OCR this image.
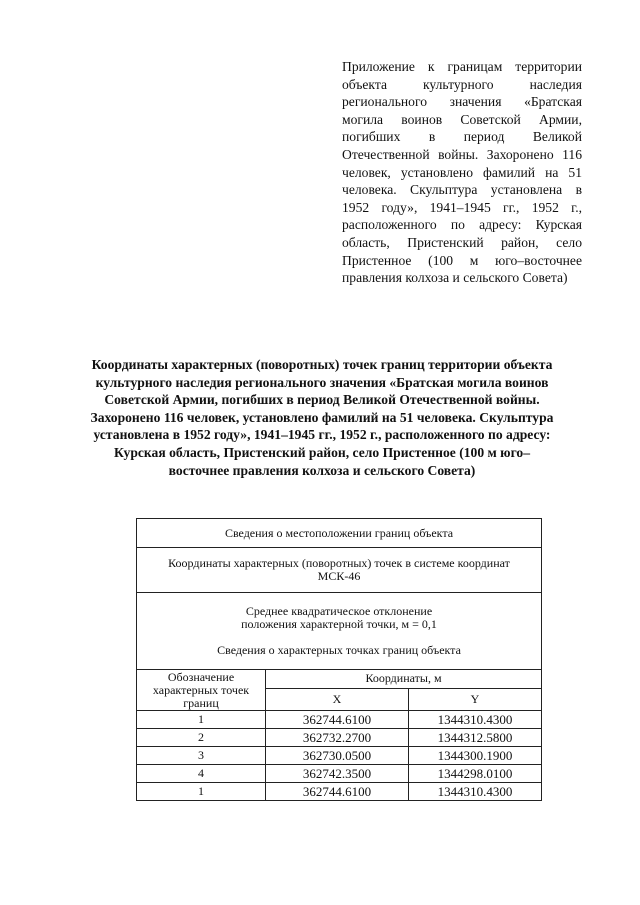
Приложение к границам территории объекта культурного наследия регионального значения «Братская могила воинов Советской Армии, погибших в период Великой Отечественной войны. Захоронено 116 человек, установлено фамилий на 51 человека. Скульптура установлена в 1952 году», 1941–1945 гг., 1952 г., расположенного по адресу: Курская область, Пристенский район, село Пристенное (100 м юго–восточнее правления колхоза и сельского Совета)
Координаты характерных (поворотных) точек границ территории объекта культурного наследия регионального значения «Братская могила воинов Советской Армии, погибших в период Великой Отечественной войны. Захоронено 116 человек, установлено фамилий на 51 человека. Скульптура установлена в 1952 году», 1941–1945 гг., 1952 г., расположенного по адресу: Курская область, Пристенский район, село Пристенное (100 м юго–восточнее правления колхоза и сельского Совета)
Сведения о местоположении границ объекта		

Координаты характерных (поворотных) точек в системе координат
МСК-46		

Среднее квадратическое отклонение
положения характерной точки, м = 0,1
Сведения о характерных точках границ объекта		

Обозначение характерных точек границ	Координаты, м	
	X	Y
1	362744.6100	1344310.4300
2	362732.2700	1344312.5800
3	362730.0500	1344300.1900
4	362742.3500	1344298.0100
1	362744.6100	1344310.4300
